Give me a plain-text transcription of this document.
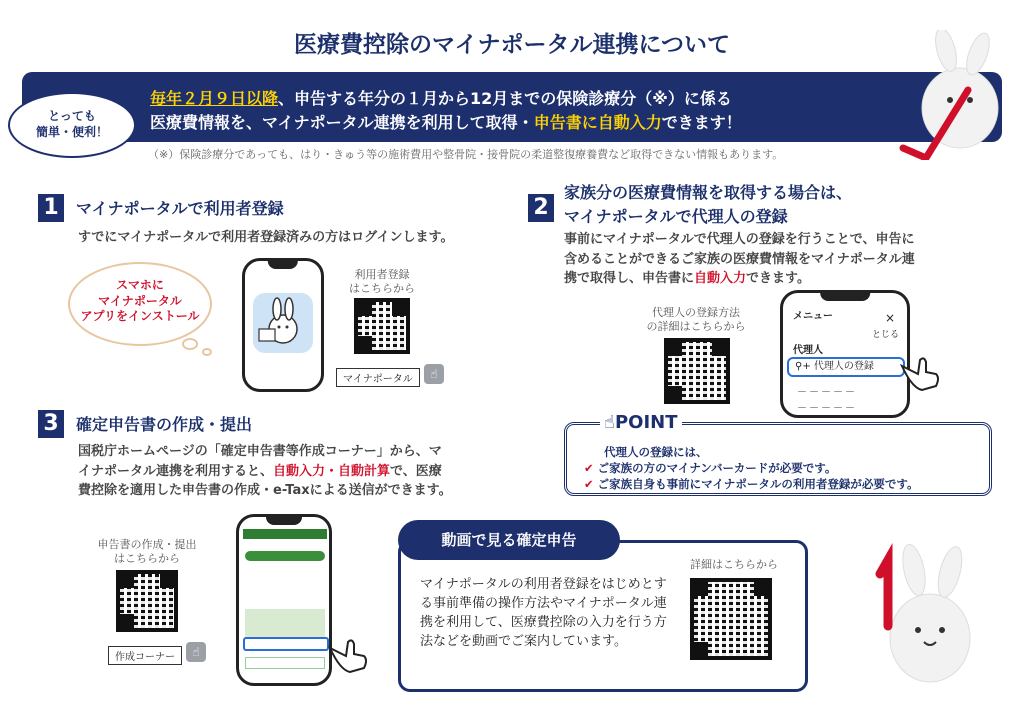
医療費控除のマイナポータル連携について
毎年２月９日以降、申告する年分の１月から12月までの保険診療分（※）に係る
医療費情報を、マイナポータル連携を利用して取得・申告書に自動入力できます！
とっても
簡単・便利！
（※）保険診療分であっても、はり・きゅう等の施術費用や整骨院・接骨院の柔道整復療養費など取得できない情報もあります。
1	マイナポータルで利用者登録
すでにマイナポータルで利用者登録済みの方はログインします。
スマホに
マイナポータル
アプリをインストール
利用者登録
はこちらから
マイナポータル	☝
2
家族分の医療費情報を取得する場合は、
マイナポータルで代理人の登録
事前にマイナポータルで代理人の登録を行うことで、申告に
含めることができるご家族の医療費情報をマイナポータル連
携で取得し、申告書に自動入力できます。
代理人の登録方法
の詳細はこちらから
メニュー	×
とじる
代理人
⚲+ 代理人の登録
－－－－－
－－－－－
☝POINT
代理人の登録には、
✔ ご家族の方のマイナンバーカードが必要です。
✔ ご家族自身も事前にマイナポータルの利用者登録が必要です。
3	確定申告書の作成・提出
国税庁ホームページの「確定申告書等作成コーナー」から、マ
イナポータル連携を利用すると、自動入力・自動計算で、医療
費控除を適用した申告書の作成・e-Taxによる送信ができます。
申告書の作成・提出
はこちらから
作成コーナー	☝
動画で見る確定申告
マイナポータルの利用者登録をはじめとする事前準備の操作方法やマイナポータル連携を利用して、医療費控除の入力を行う方法などを動画でご案内しています。
詳細はこちらから
